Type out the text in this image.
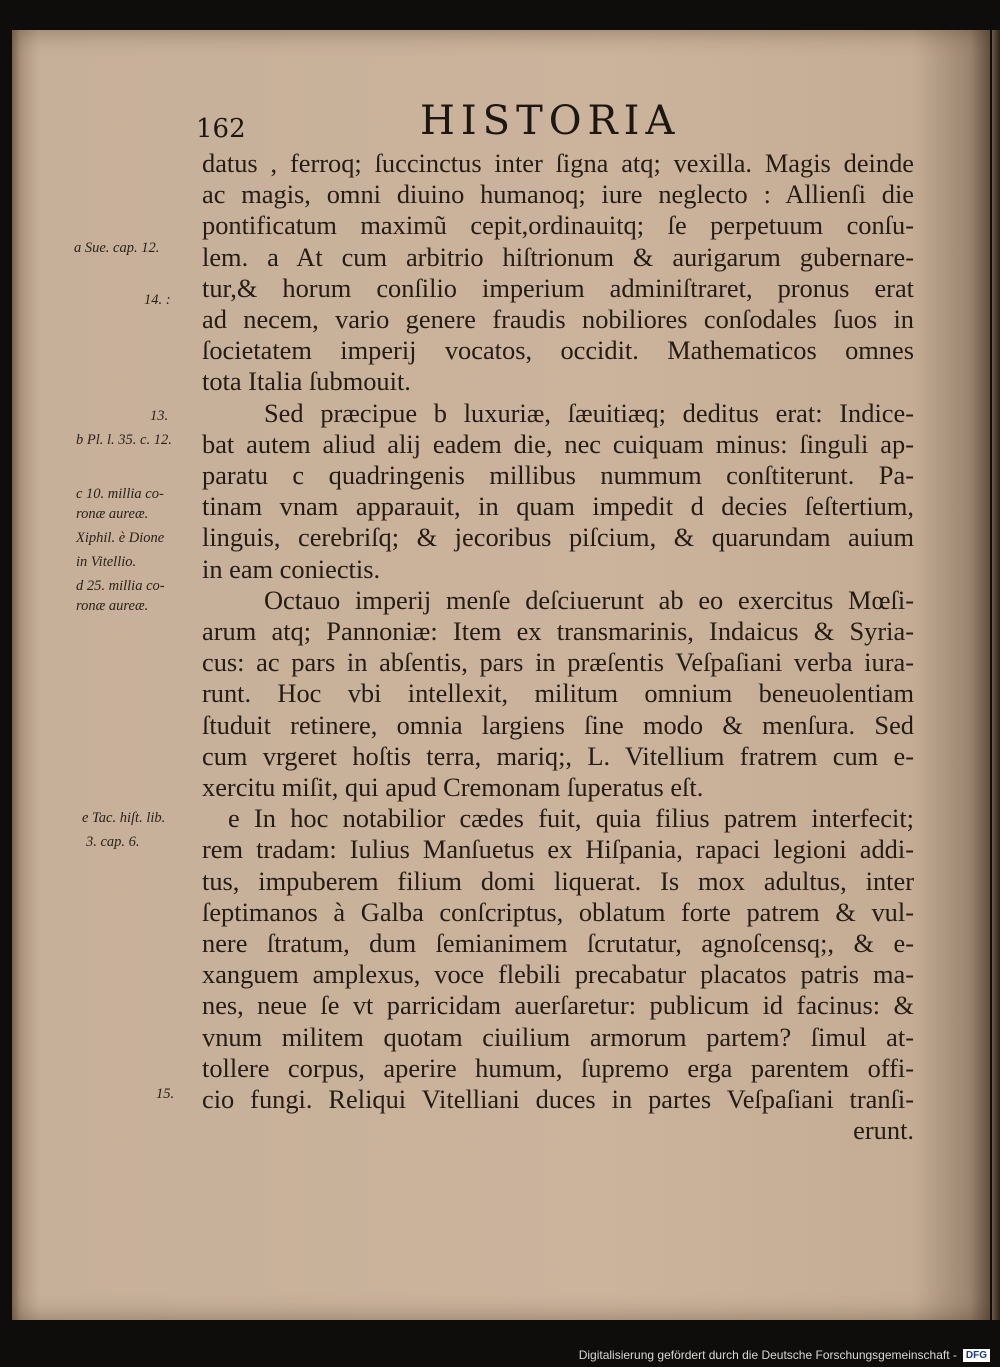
162	HISTORIA
datus , ferroq; ſuccinctus inter ſigna atq; vexilla. Magis deinde
ac magis, omni diuino humanoq; iure neglecto : Allienſi die
pontificatum maximũ cepit,ordinauitq; ſe perpetuum conſu-
lem. a At cum arbitrio hiſtrionum & aurigarum gubernare-
tur,& horum conſilio imperium adminiſtraret, pronus erat
ad necem, vario genere fraudis nobiliores conſodales ſuos in
ſocietatem imperij vocatos, occidit. Mathematicos omnes
tota Italia ſubmouit.
Sed præcipue b luxuriæ, ſæuitiæq; deditus erat: Indice-
bat autem aliud alij eadem die, nec cuiquam minus: ſinguli ap-
paratu c quadringenis millibus nummum conſtiterunt. Pa-
tinam vnam apparauit, in quam impedit d decies ſeſtertium,
linguis, cerebriſq; & jecoribus piſcium, & quarundam auium
in eam coniectis.
Octauo imperij menſe deſciuerunt ab eo exercitus Mœſi-
arum atq; Pannoniæ: Item ex transmarinis, Indaicus & Syria-
cus: ac pars in abſentis, pars in præſentis Veſpaſiani verba iura-
runt. Hoc vbi intellexit, militum omnium beneuolentiam
ſtuduit retinere, omnia largiens ſine modo & menſura. Sed
cum vrgeret hoſtis terra, mariq;, L. Vitellium fratrem cum e-
xercitu miſit, qui apud Cremonam ſuperatus eſt.
e In hoc notabilior cædes fuit, quia filius patrem interfecit;
rem tradam: Iulius Manſuetus ex Hiſpania, rapaci legioni addi-
tus, impuberem filium domi liquerat. Is mox adultus, inter
ſeptimanos à Galba conſcriptus, oblatum forte patrem & vul-
nere ſtratum, dum ſemianimem ſcrutatur, agnoſcensq;, & e-
xanguem amplexus, voce flebili precabatur placatos patris ma-
nes, neue ſe vt parricidam auerſaretur: publicum id facinus: &
vnum militem quotam ciuilium armorum partem? ſimul at-
tollere corpus, aperire humum, ſupremo erga parentem offi-
cio fungi. Reliqui Vitelliani duces in partes Veſpaſiani tranſi-
erunt.
a Sue. cap. 12.
14. :
13.
b Pl. l. 35. c. 12.
c 10. millia co-
ronæ aureæ.
Xiphil. è Dione
in Vitellio.
d 25. millia co-
ronæ aureæ.
e Tac. hiſt. lib.
3. cap. 6.
15.
Digitalisierung gefördert durch die Deutsche Forschungsgemeinschaft - DFG
